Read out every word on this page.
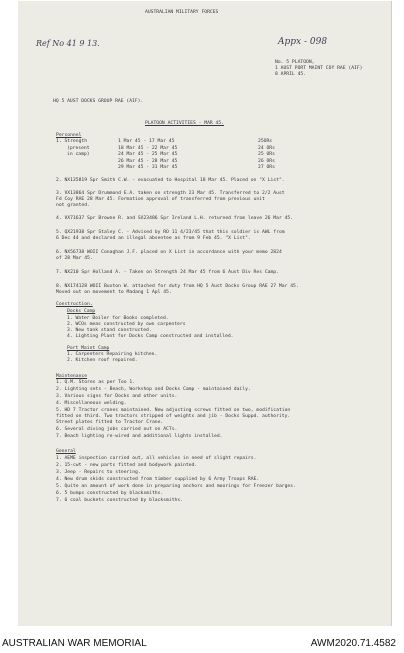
AUSTRALIAN MILITARY FORCES
Ref No 41 9 13.	Appx - 098
No. 5 PLATOON,
1 AUST PORT MAINT COY RAE (AIF)
8 APRIL 45.
HQ 5 AUST DOCKS GROUP RAE (AIF).
PLATOON ACTIVITIES - MAR 45.
Personnel
1. Strength
(present
in camp)
1 Mar 45 - 17 Mar 45	25ORs
18 Mar 45 - 22 Mar 45	24 ORs
24 Mar 45 - 25 Mar 45	25 ORs
26 Mar 45 - 28 Mar 45	26 ORs
29 Mar 45 - 31 Mar 45	27 ORs
2. NX135819 Spr Smith C.W. - evacuated to Hospital 18 Mar 45. Placed on "X List".
3. VX13864 Spr Drummond E.A. taken on strength 23 Mar 45. Transferred to 2/2 Aust
Fd Coy RAE 28 Mar 45. Formation approval of transferred from previous unit
not granted.
4. VX71637 Spr Browne R. and SX23486 Spr Ireland L.H. returned from leave 26 Mar 45.
5. QX21938 Spr Staley C. - Advised by RO 11 4/23/45 that this soldier is AWL from
6 Dec 44 and declared an illegal absentee as from 9 Feb 45. "X List".
6. NX56738 WOII Conaghan J.F. placed on X List in accordance with your memo 2824
of 28 Mar 45.
7. NX210 Spr Holland A. - Taken on Strength 24 Mar 45 from 6 Aust Div Res Camp.
8. NX174128 WOII Buxton W. attached for duty from HQ 5 Aust Docks Group RAE 27 Mar 45.
Moved out on movement to Madang 1 Apl 45.
Construction.
Docks Camp
1. Water Boiler for Books completed.
2. WCOs meas constructed by own carpenters
3. New tank stand constructed.
4. Lighting Plant for Docks Camp constructed and installed.
Port Maint Camp
1. Carpenters Repairing kitchen.
2. Kitchen roof repaired.
Maintenance
1. Q.M. Stores as per Too 1.
2. Lighting sets - Beach, Workshop and Docks Camp - maintained daily.
3. Various signs for Docks and other units.
4. Miscellaneous welding.
5. HD 7 Tractor cranes maintained. New adjusting screws fitted on two, modification
fitted on third. Two tractors stripped of weights and jib - Docks Suppd. authority.
Street plates fitted to Tractor Crane.
6. Several diving jobs carried out on ACTs.
7. Beach lighting re-wired and additional lights installed.
General
1. AEME inspection carried out, all vehicles in need of slight repairs.
2. 15-cwt - new parts fitted and bodywork painted.
3. Jeep - Repairs to steering.
4. New drum skids constructed from timber supplied by 6 Army Troops RAE.
5. Quite an amount of work done in preparing anchors and moorings for Freezer barges.
6. 5 bumps constructed by blacksmiths.
7. 6 coal buckets constructed by blacksmiths.
AUSTRALIAN WAR MEMORIAL	AWM2020.71.4582
